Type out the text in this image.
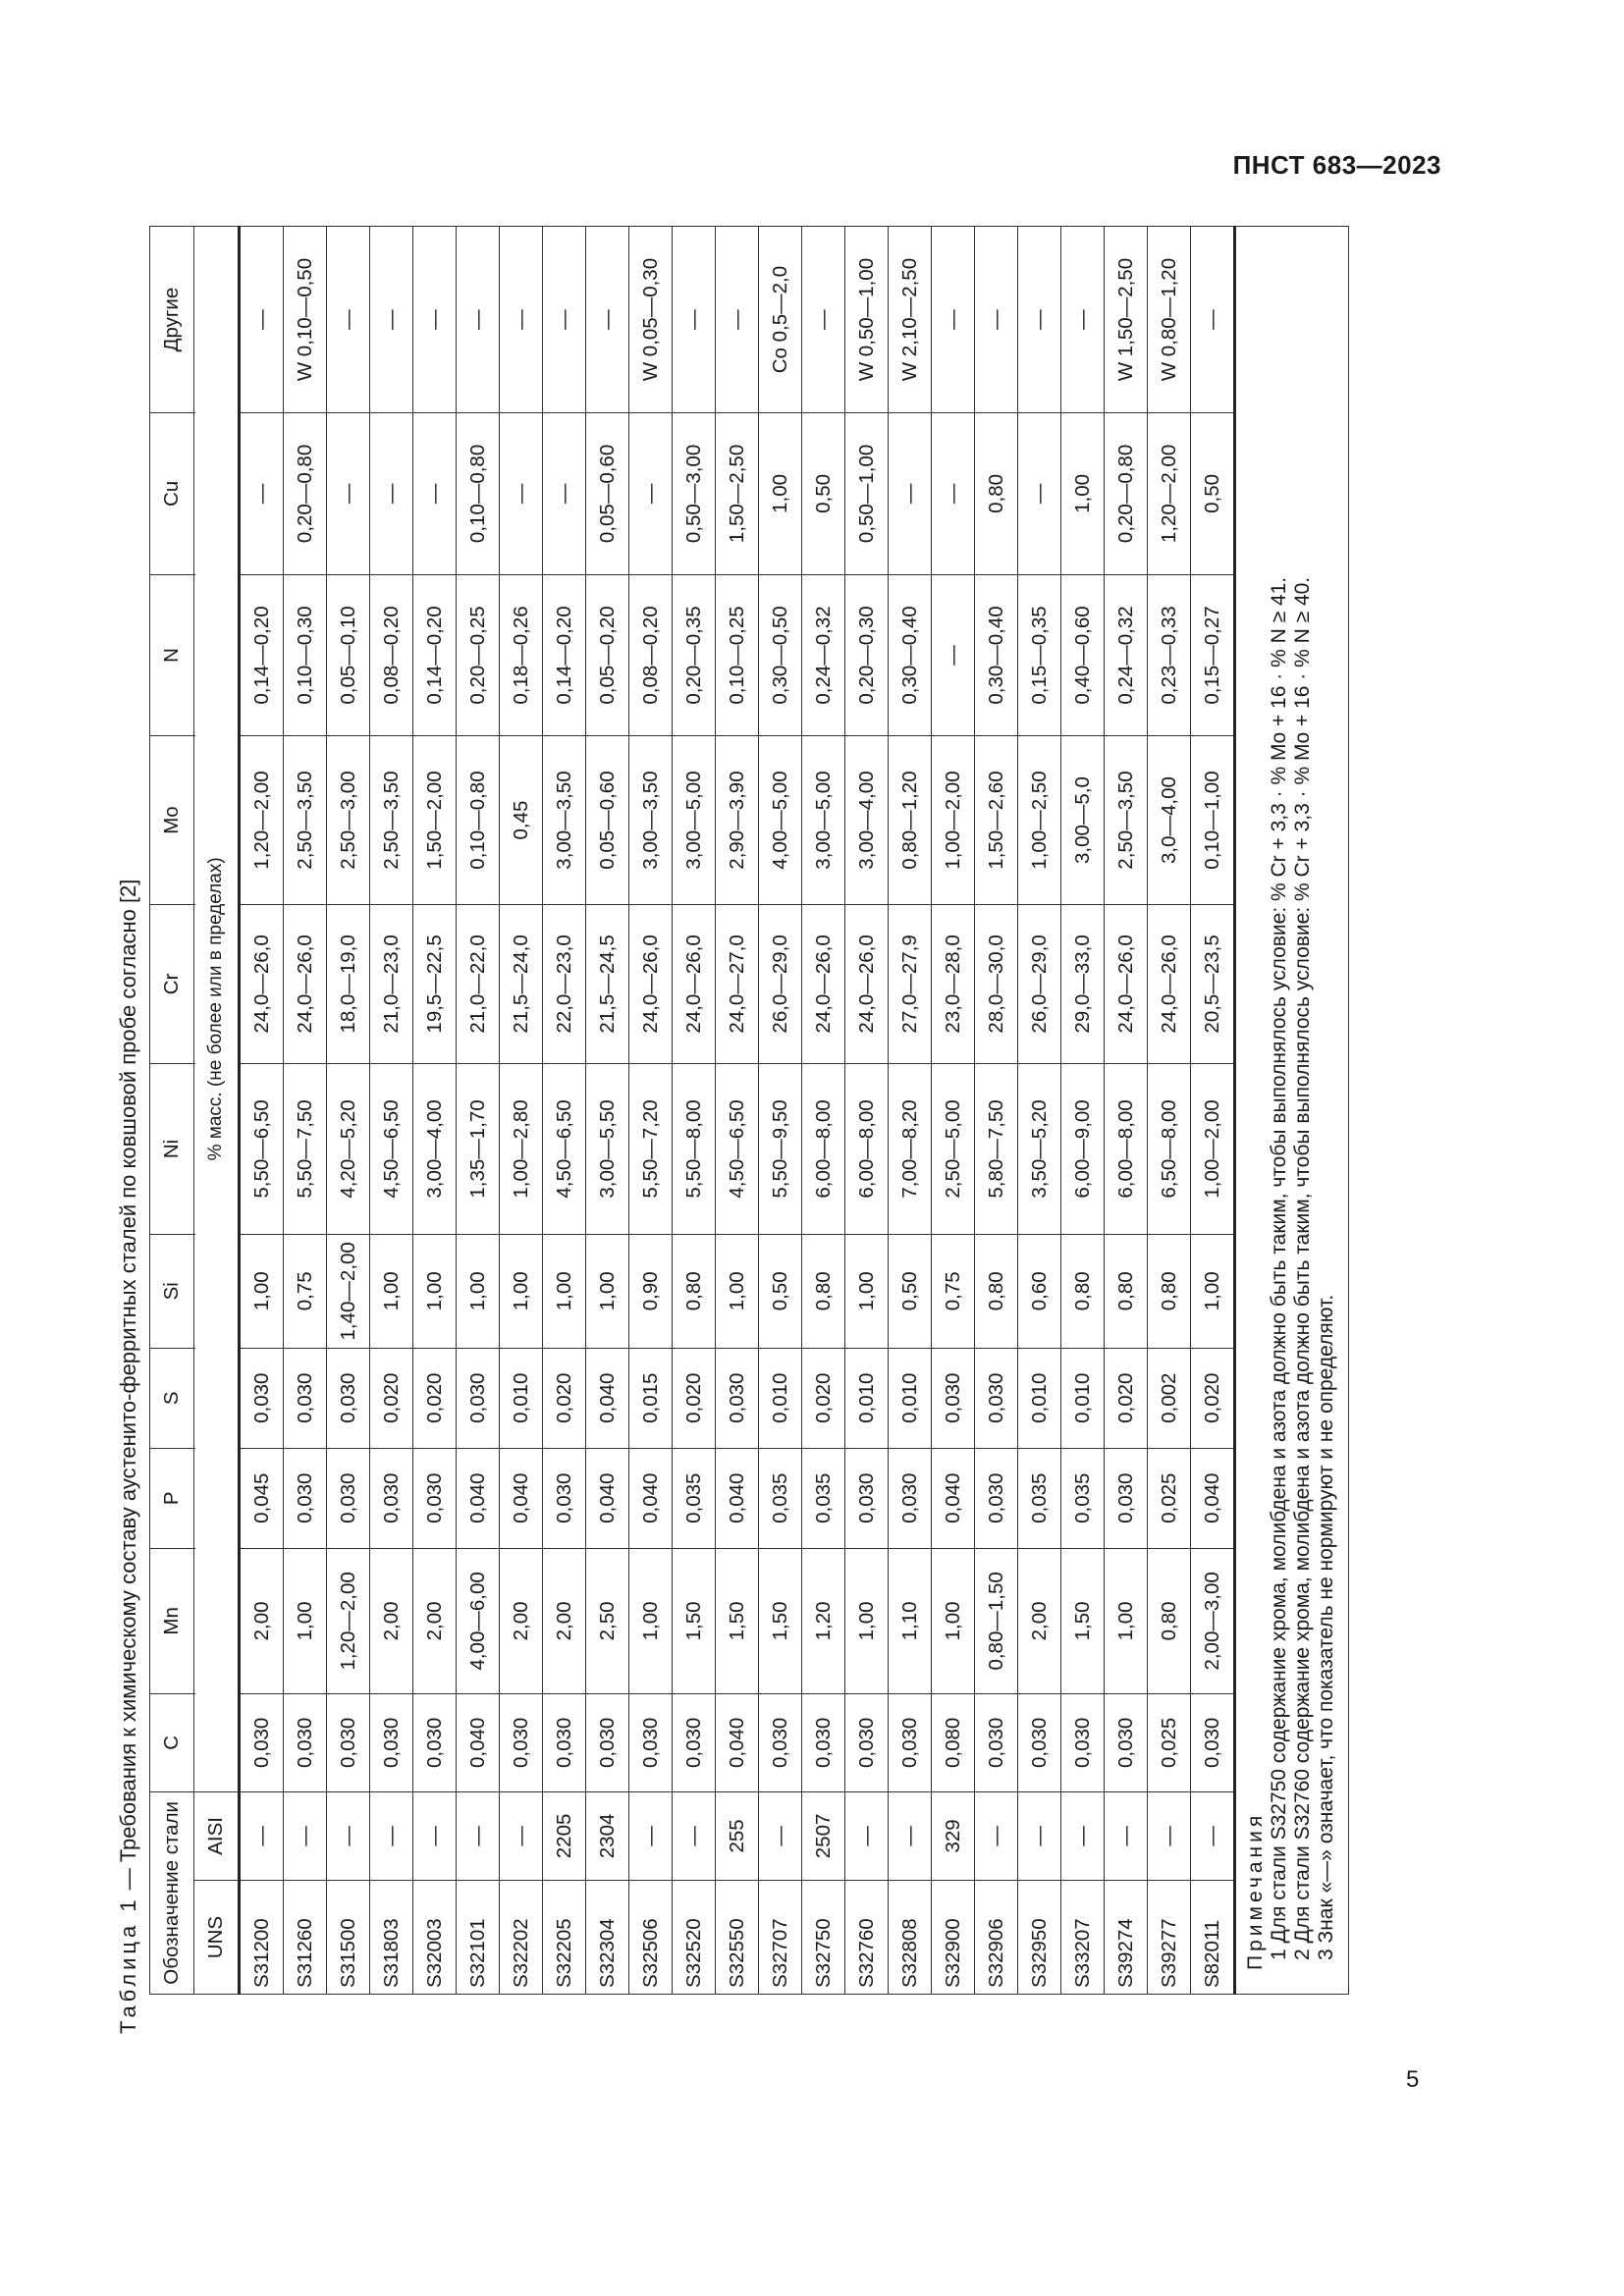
ПНСТ 683—2023
Таблица 1 — Требования к химическому составу аустенито-ферритных сталей по ковшовой пробе согласно [2] Обозначение стали		C	Mn	P	S	Si	Ni	Cr	Mo	N	Cu	Другие
UNS	AISI											
		% масс. (не более или в пределах)										
S31200	—	0,030	2,00	0,045	0,030	1,00	5,50—6,50	24,0—26,0	1,20—2,00	0,14—0,20	—	—
S31260	—	0,030	1,00	0,030	0,030	0,75	5,50—7,50	24,0—26,0	2,50—3,50	0,10—0,30	0,20—0,80	W 0,10—0,50
S31500	—	0,030	1,20—2,00	0,030	0,030	1,40—2,00	4,20—5,20	18,0—19,0	2,50—3,00	0,05—0,10	—	—
S31803	—	0,030	2,00	0,030	0,020	1,00	4,50—6,50	21,0—23,0	2,50—3,50	0,08—0,20	—	—
S32003	—	0,030	2,00	0,030	0,020	1,00	3,00—4,00	19,5—22,5	1,50—2,00	0,14—0,20	—	—
S32101	—	0,040	4,00—6,00	0,040	0,030	1,00	1,35—1,70	21,0—22,0	0,10—0,80	0,20—0,25	0,10—0,80	—
S32202	—	0,030	2,00	0,040	0,010	1,00	1,00—2,80	21,5—24,0	0,45	0,18—0,26	—	—
S32205	2205	0,030	2,00	0,030	0,020	1,00	4,50—6,50	22,0—23,0	3,00—3,50	0,14—0,20	—	—
S32304	2304	0,030	2,50	0,040	0,040	1,00	3,00—5,50	21,5—24,5	0,05—0,60	0,05—0,20	0,05—0,60	—
S32506	—	0,030	1,00	0,040	0,015	0,90	5,50—7,20	24,0—26,0	3,00—3,50	0,08—0,20	—	W 0,05—0,30
S32520	—	0,030	1,50	0,035	0,020	0,80	5,50—8,00	24,0—26,0	3,00—5,00	0,20—0,35	0,50—3,00	—
S32550	255	0,040	1,50	0,040	0,030	1,00	4,50—6,50	24,0—27,0	2,90—3,90	0,10—0,25	1,50—2,50	—
S32707	—	0,030	1,50	0,035	0,010	0,50	5,50—9,50	26,0—29,0	4,00—5,00	0,30—0,50	1,00	Co 0,5—2,0
S32750	2507	0,030	1,20	0,035	0,020	0,80	6,00—8,00	24,0—26,0	3,00—5,00	0,24—0,32	0,50	—
S32760	—	0,030	1,00	0,030	0,010	1,00	6,00—8,00	24,0—26,0	3,00—4,00	0,20—0,30	0,50—1,00	W 0,50—1,00
S32808	—	0,030	1,10	0,030	0,010	0,50	7,00—8,20	27,0—27,9	0,80—1,20	0,30—0,40	—	W 2,10—2,50
S32900	329	0,080	1,00	0,040	0,030	0,75	2,50—5,00	23,0—28,0	1,00—2,00	—	—	—
S32906	—	0,030	0,80—1,50	0,030	0,030	0,80	5,80—7,50	28,0—30,0	1,50—2,60	0,30—0,40	0,80	—
S32950	—	0,030	2,00	0,035	0,010	0,60	3,50—5,20	26,0—29,0	1,00—2,50	0,15—0,35	—	—
S33207	—	0,030	1,50	0,035	0,010	0,80	6,00—9,00	29,0—33,0	3,00—5,0	0,40—0,60	1,00	—
S39274	—	0,030	1,00	0,030	0,020	0,80	6,00—8,00	24,0—26,0	2,50—3,50	0,24—0,32	0,20—0,80	W 1,50—2,50
S39277	—	0,025	0,80	0,025	0,002	0,80	6,50—8,00	24,0—26,0	3,0—4,00	0,23—0,33	1,20—2,00	W 0,80—1,20
S82011	—	0,030	2,00—3,00	0,040	0,020	1,00	1,00—2,00	20,5—23,5	0,10—1,00	0,15—0,27	0,50	—

Примечания 1 Для стали S32750 содержание хрома, молибдена и азота должно быть таким, чтобы выполнялось условие: % Cr + 3,3 · % Mo + 16 · % N ≥ 41. 2 Для стали S32760 содержание хрома, молибдена и азота должно быть таким, чтобы выполнялось условие: % Cr + 3,3 · % Mo + 16 · % N ≥ 40. 3 Знак «—» означает, что показатель не нормируют и не определяют.												
5
